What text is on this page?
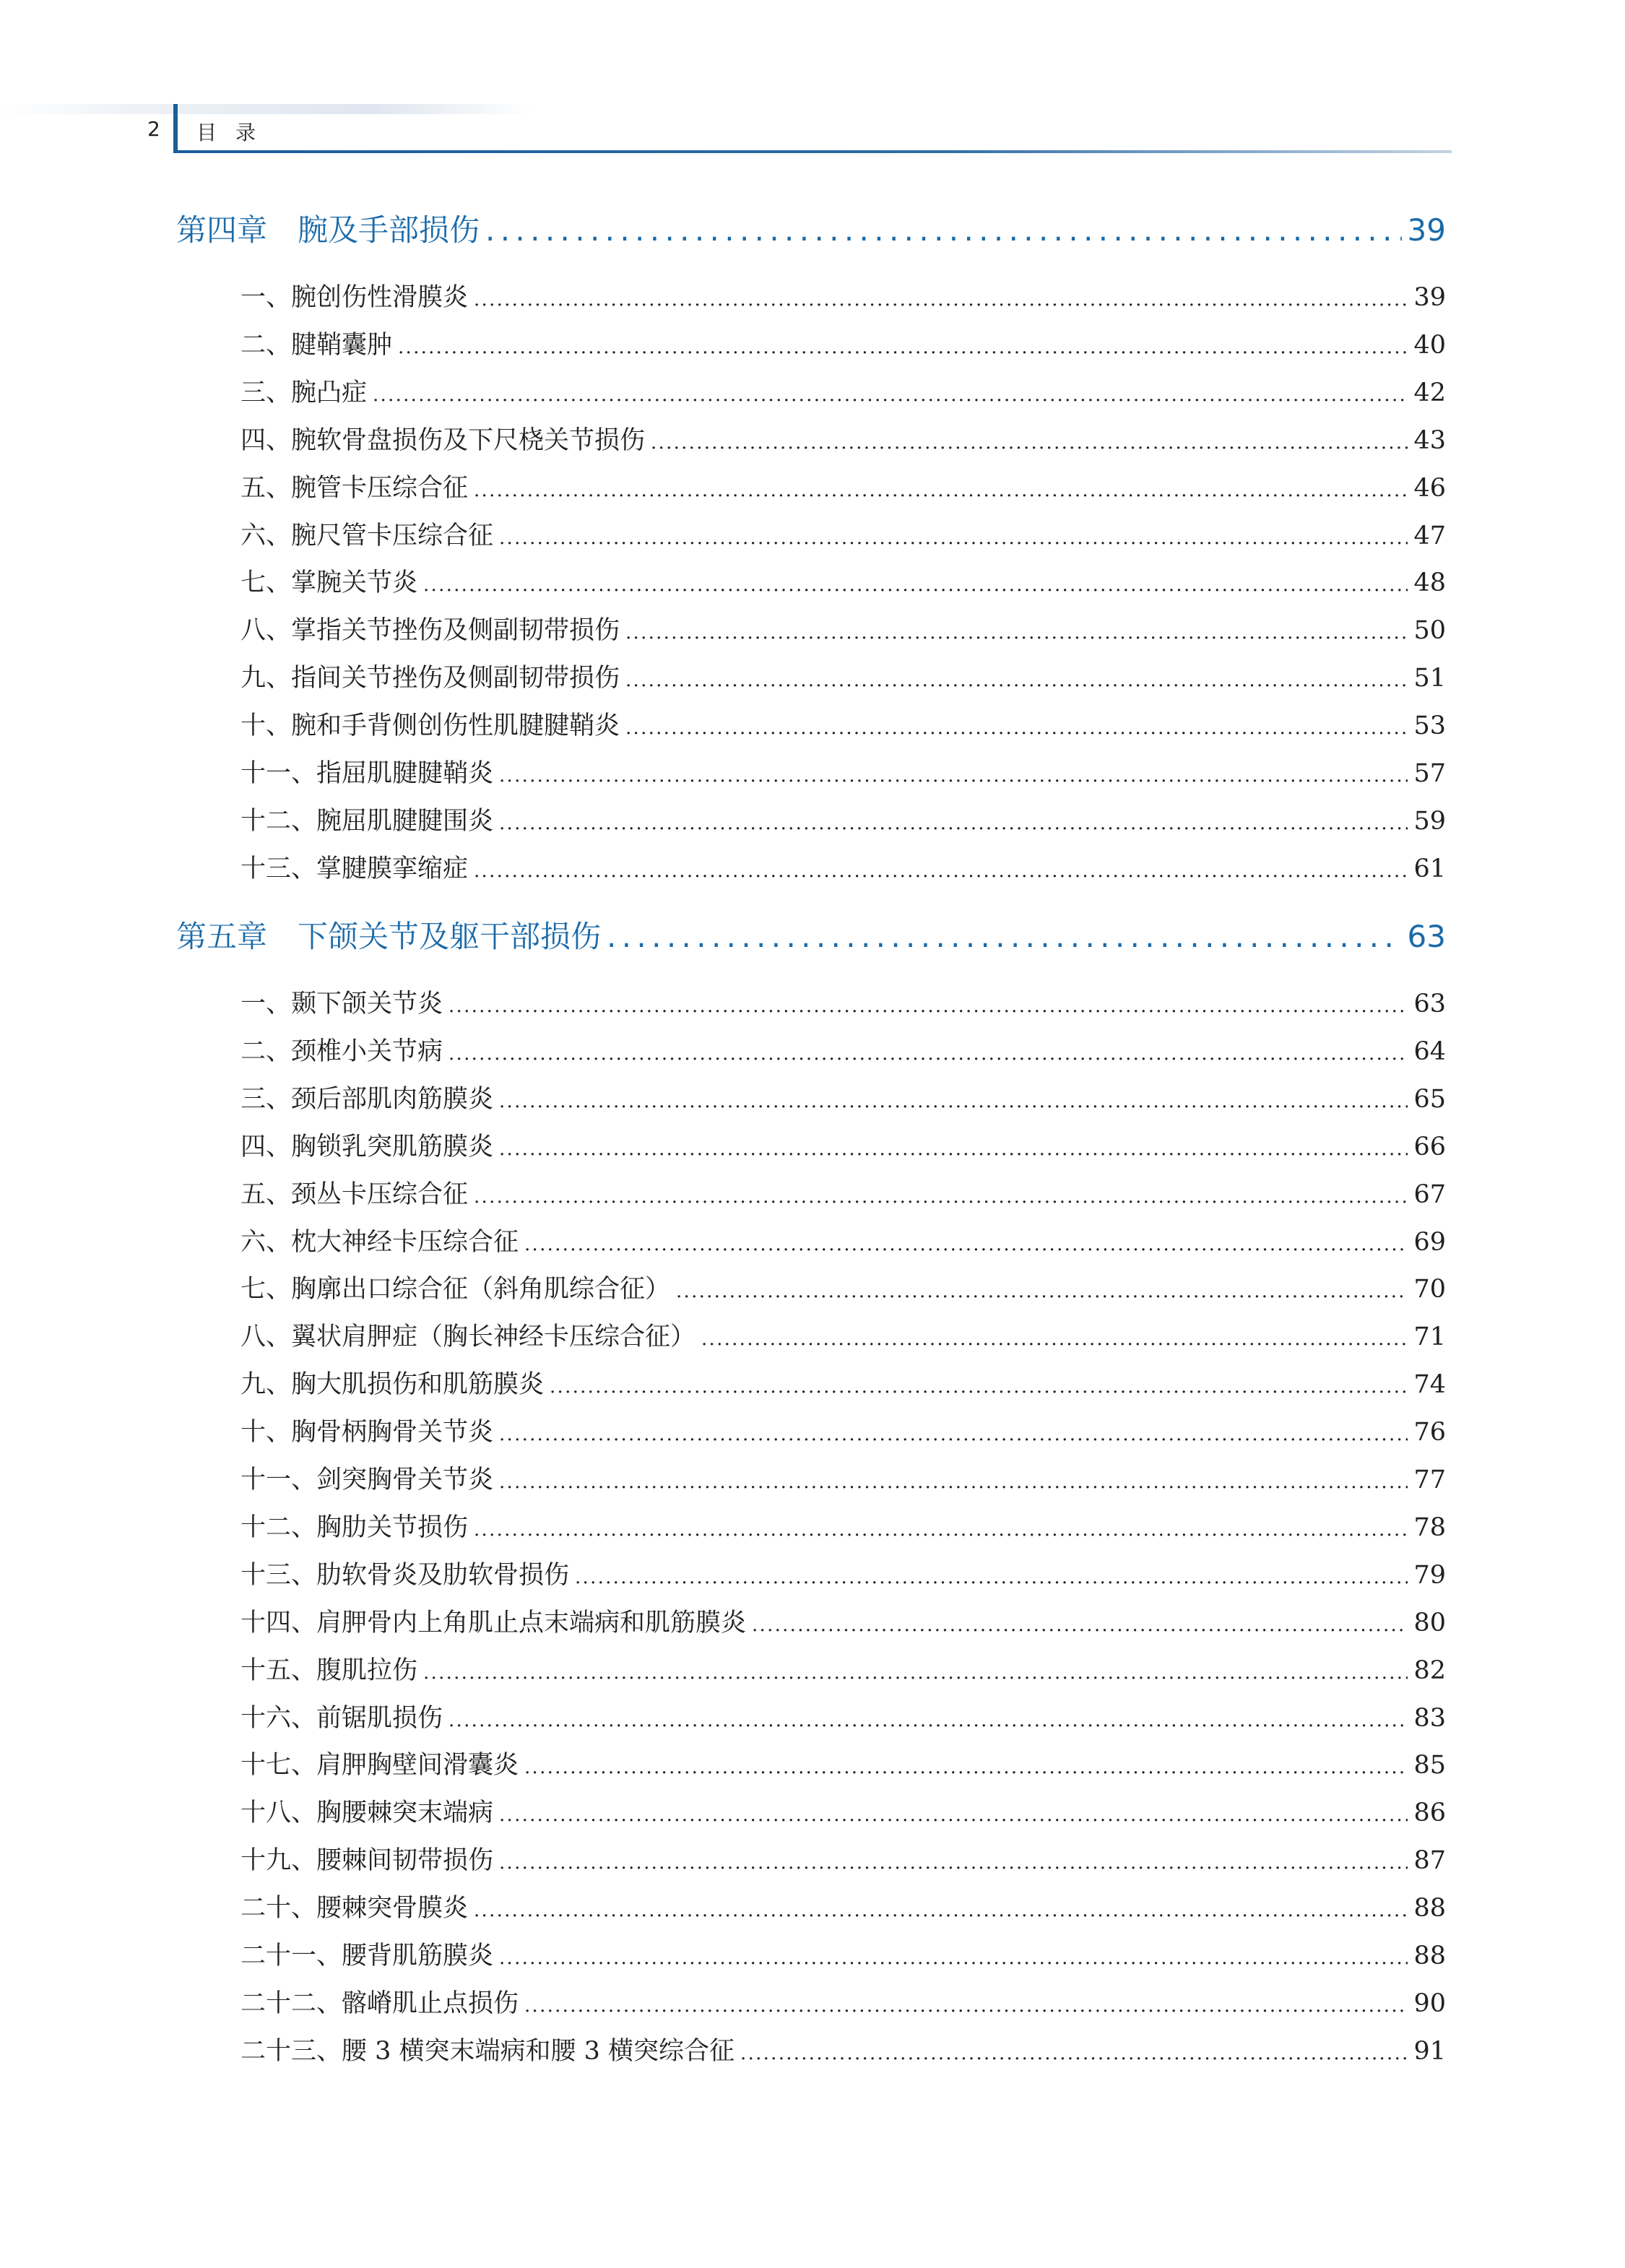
2 目录
第四章 腕及手部损伤 . . .	39
一、腕创伤性滑膜炎 . . .	39
二、腱鞘囊肿 . . .	40
三、腕凸症 . . .	42
四、腕软骨盘损伤及下尺桡关节损伤 . . .	43
五、腕管卡压综合征 . . .	46
六、腕尺管卡压综合征 . . .	47
七、掌腕关节炎 . . .	48
八、掌指关节挫伤及侧副韧带损伤 . . .	50
九、指间关节挫伤及侧副韧带损伤 . . .	51
十、腕和手背侧创伤性肌腱腱鞘炎 . . .	53
十一、指屈肌腱腱鞘炎 . . .	57
十二、腕屈肌腱腱围炎 . . .	59
十三、掌腱膜挛缩症 . . .	61
第五章 下颌关节及躯干部损伤 . . .	63
一、颞下颌关节炎 . . .	63
二、颈椎小关节病 . . .	64
三、颈后部肌肉筋膜炎 . . .	65
四、胸锁乳突肌筋膜炎 . . .	66
五、颈丛卡压综合征 . . .	67
六、枕大神经卡压综合征 . . .	69
七、胸廓出口综合征（斜角肌综合征） . . .	70
八、翼状肩胛症（胸长神经卡压综合征） . . .	71
九、胸大肌损伤和肌筋膜炎 . . .	74
十、胸骨柄胸骨关节炎 . . .	76
十一、剑突胸骨关节炎 . . .	77
十二、胸肋关节损伤 . . .	78
十三、肋软骨炎及肋软骨损伤 . . .	79
十四、肩胛骨内上角肌止点末端病和肌筋膜炎 . . .	80
十五、腹肌拉伤 . . .	82
十六、前锯肌损伤 . . .	83
十七、肩胛胸壁间滑囊炎 . . .	85
十八、胸腰棘突末端病 . . .	86
十九、腰棘间韧带损伤 . . .	87
二十、腰棘突骨膜炎 . . .	88
二十一、腰背肌筋膜炎 . . .	88
二十二、髂嵴肌止点损伤 . . .	90
二十三、腰 3 横突末端病和腰 3 横突综合征 . . .	91
